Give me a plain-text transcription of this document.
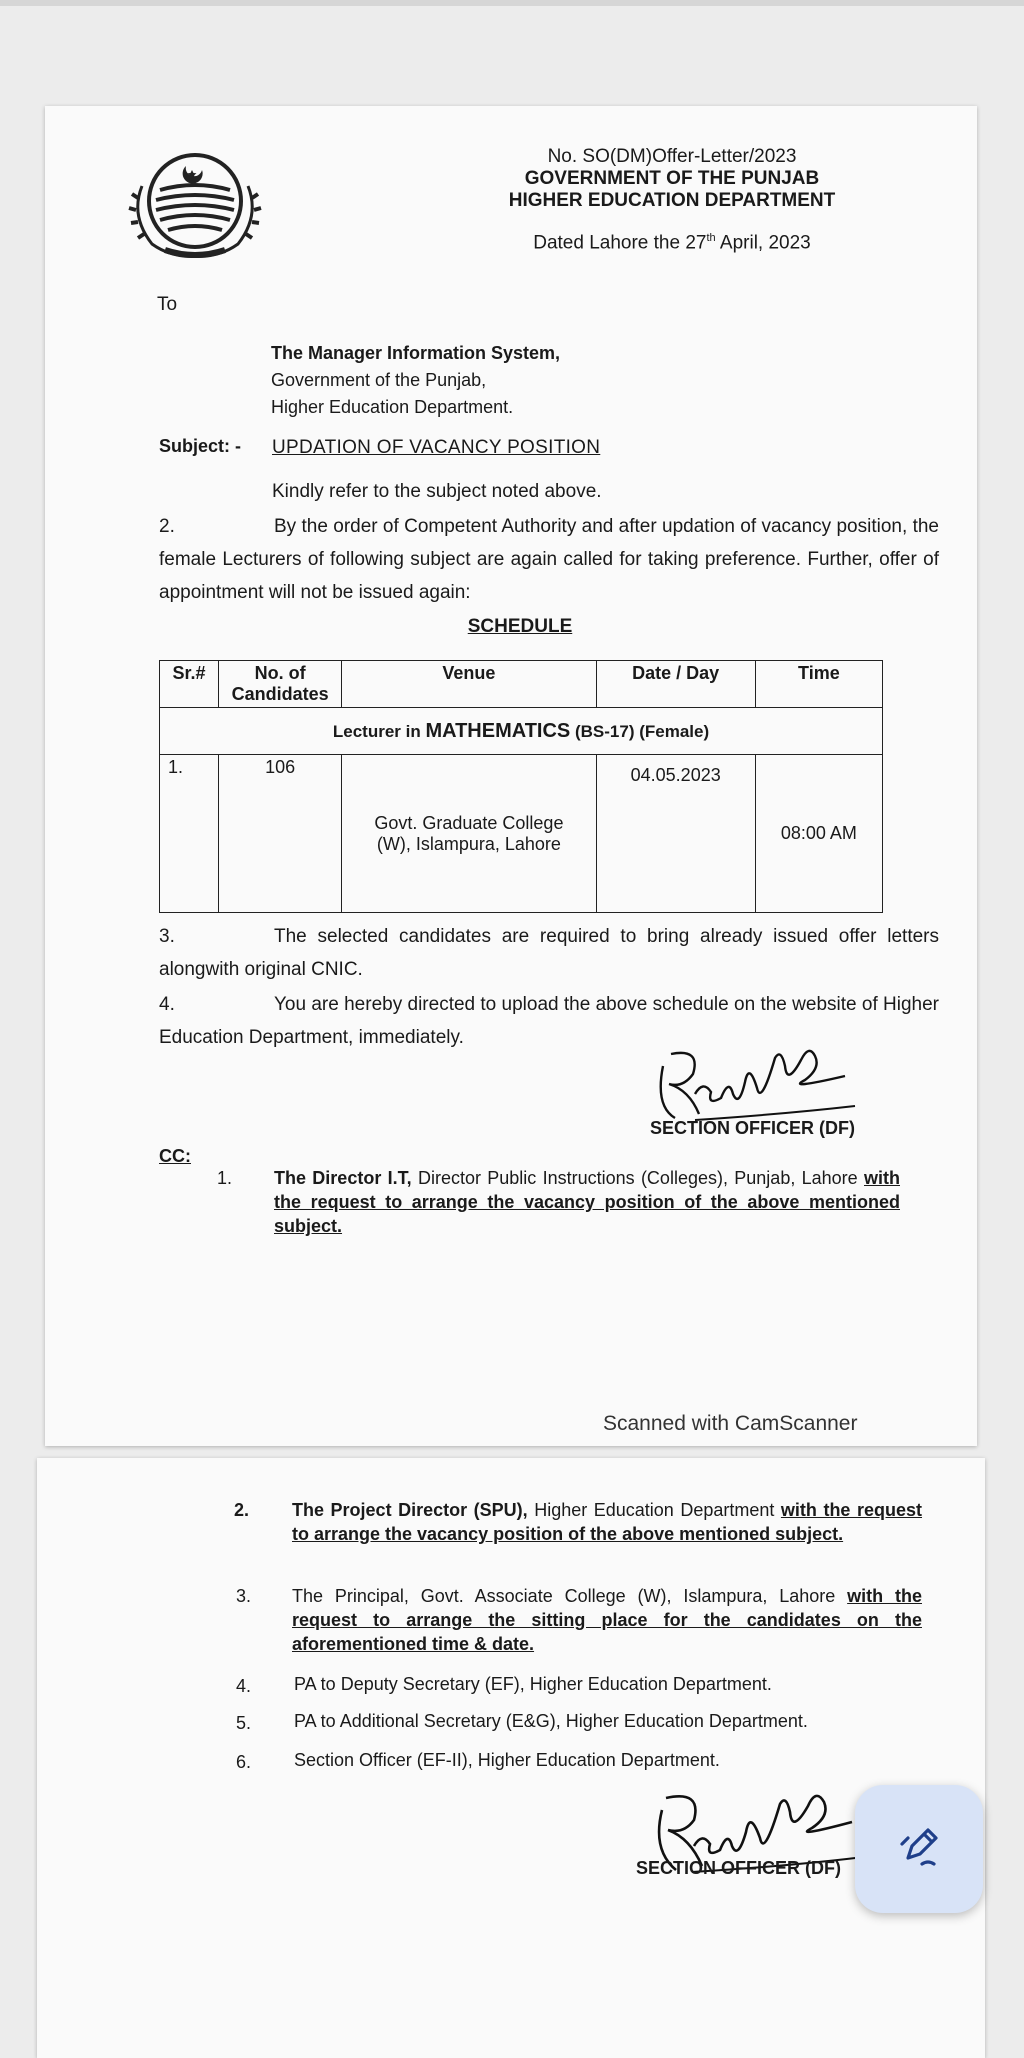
No. SO(DM)Offer-Letter/2023
GOVERNMENT OF THE PUNJAB
HIGHER EDUCATION DEPARTMENT
Dated Lahore the 27th April, 2023
To
The Manager Information System,
Government of the Punjab,
Higher Education Department.
Subject: - UPDATION OF VACANCY POSITION
Kindly refer to the subject noted above.
2.	By the order of Competent Authority and after updation of vacancy position, the female Lecturers of following subject are again called for taking preference. Further, offer of appointment will not be issued again:
SCHEDULE
Sr.#	No. of Candidates	Venue	Date / Day	Time
Lecturer in MATHEMATICS (BS-17) (Female)				
1.	106	Govt. Graduate College (W), Islampura, Lahore	04.05.2023	08:00 AM
3.	The selected candidates are required to bring already issued offer letters alongwith original CNIC.
4.	You are hereby directed to upload the above schedule on the website of Higher Education Department, immediately.
SECTION OFFICER (DF)
CC:
1. The Director I.T, Director Public Instructions (Colleges), Punjab, Lahore with the request to arrange the vacancy position of the above mentioned subject.
Scanned with CamScanner
2. The Project Director (SPU), Higher Education Department with the request to arrange the vacancy position of the above mentioned subject.
3. The Principal, Govt. Associate College (W), Islampura, Lahore with the request to arrange the sitting place for the candidates on the aforementioned time & date.
4. PA to Deputy Secretary (EF), Higher Education Department.
5. PA to Additional Secretary (E&G), Higher Education Department.
6. Section Officer (EF-II), Higher Education Department.
SECTION OFFICER (DF)
